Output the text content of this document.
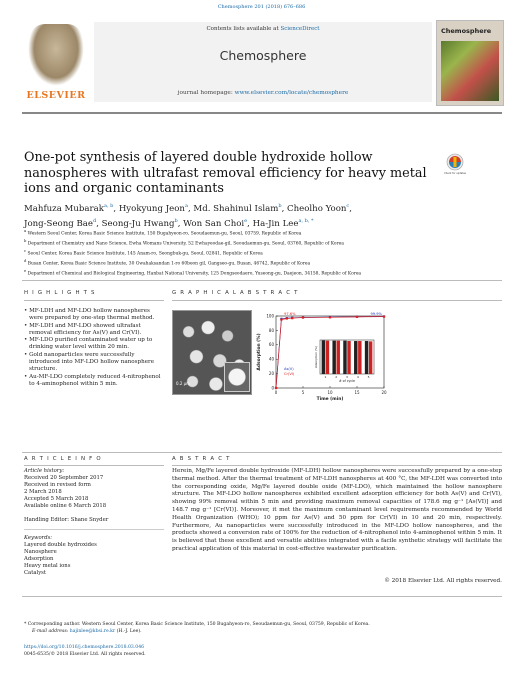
Chemosphere 201 (2018) 676–686
ELSEVIER
Contents lists available at ScienceDirect
Chemosphere
journal homepage: www.elsevier.com/locate/chemosphere
Chemosphere
One-pot synthesis of layered double hydroxide hollow nanospheres with ultrafast removal efficiency for heavy metal ions and organic contaminants
Check for updates
Mahfuza Mubarak$^{a, b}$, Hyokyung Jeon$^a$, Md. Shahinul Islam$^b$, Cheolho Yoon$^c$,
Jong-Seong Bae$^d$, Seong-Ju Hwang$^b$, Won San Choi$^e$, Ha-Jin Lee$^{a, b, *}$
$^a$ Western Seoul Center, Korea Basic Science Institute, 150 Bugahyeon-ro, Seoudaemun-gu, Seoul, 03759, Republic of Korea
$^b$ Department of Chemistry and Nano Science, Ewha Womans University, 52 Ewhayeodae-gil, Seoudaemun-gu, Seoul, 03760, Republic of Korea
$^c$ Seoul Center, Korea Basic Science Institute, 145 Anam-ro, Seongbuk-gu, Seoul, 02841, Republic of Korea
$^d$ Busan Center, Korea Basic Science Institute, 30 Gwahaksandan 1-ro 60beon gil, Gangseo-gu, Busan, 46742, Republic of Korea
$^e$ Department of Chemical and Biological Engineering, Hanbat National University, 125 Dongseodaero, Yuseong-gu, Daejeon, 34158, Republic of Korea
H I G H L I G H T S
• MF-LDH and MF-LDO hollow nanospheres were prepared by one-step thermal method.
• MF-LDH and MF-LDO showed ultrafast removal efficiency for As(V) and Cr(VI).
• MF-LDO purified contaminated water up to drinking water level within 20 min.
• Gold nanoparticles were successfully introduced into MF-LDO hollow nanosphere structure.
• Au-MF-LDO completely reduced 4-nitrophenol to 4-aminophenol within 5 min.
G R A P H I C A L A B S T R A C T
0.2 μm
0	5	10	15	20
0
20
40
60
80
100
Time (min)
Adsorption (%)	As(V)
Cr(VI)
97.6%	99.9%
1	2	3	4	5
# of cycle
Adsorption (%)
A R T I C L E I N F O
Article history:
Received 20 September 2017
Received in revised form
2 March 2018
Accepted 5 March 2018
Available online 6 March 2018
Handling Editor: Shane Snyder
Keywords:
Layered double hydroxides
Nanosphere
Adsorption
Heavy metal ions
Catalyst
A B S T R A C T

Herein, Mg/Fe layered double hydroxide (MF-LDH) hollow nanospheres were successfully prepared by a one-step thermal method. After the thermal treatment of MF-LDH nanospheres at 400 °C, the MF-LDH was converted into the corresponding oxide, Mg/Fe layered double oxide (MF-LDO), which maintained the hollow nanosphere structure. The MF-LDO hollow nanospheres exhibited excellent adsorption efficiency for both As(V) and Cr(VI), showing 99% removal within 5 min and providing maximum removal capacities of 178.6 mg g⁻¹ [As(VI)] and 148.7 mg g⁻¹ [Cr(VI)]. Moreover, it met the maximum contaminant level requirements recommended by World Health Organization (WHO); 10 ppm for As(V) and 50 ppm for Cr(VI) in 10 and 20 min, respectively. Furthermore, Au nanoparticles were successfully introduced in the MF-LDO hollow nanospheres, and the products showed a conversion rate of 100% for the reduction of 4-nitrophenol into 4-aminophenol within 5 min. It is believed that these excellent and versatile abilities integrated with a facile synthetic strategy will facilitate the practical application of this material in cost-effective wastewater purification.

© 2018 Elsevier Ltd. All rights reserved.
* Corresponding author. Western Seoul Center, Korea Basic Science Institute, 150 Bugahyeon-ro, Seoudaemun-gu, Seoul, 03759, Republic of Korea.
E-mail address: hajinlee@kbsi.re.kr (H.-J. Lee).
https://doi.org/10.1016/j.chemosphere.2018.03.046
0045-6535/© 2018 Elsevier Ltd. All rights reserved.
